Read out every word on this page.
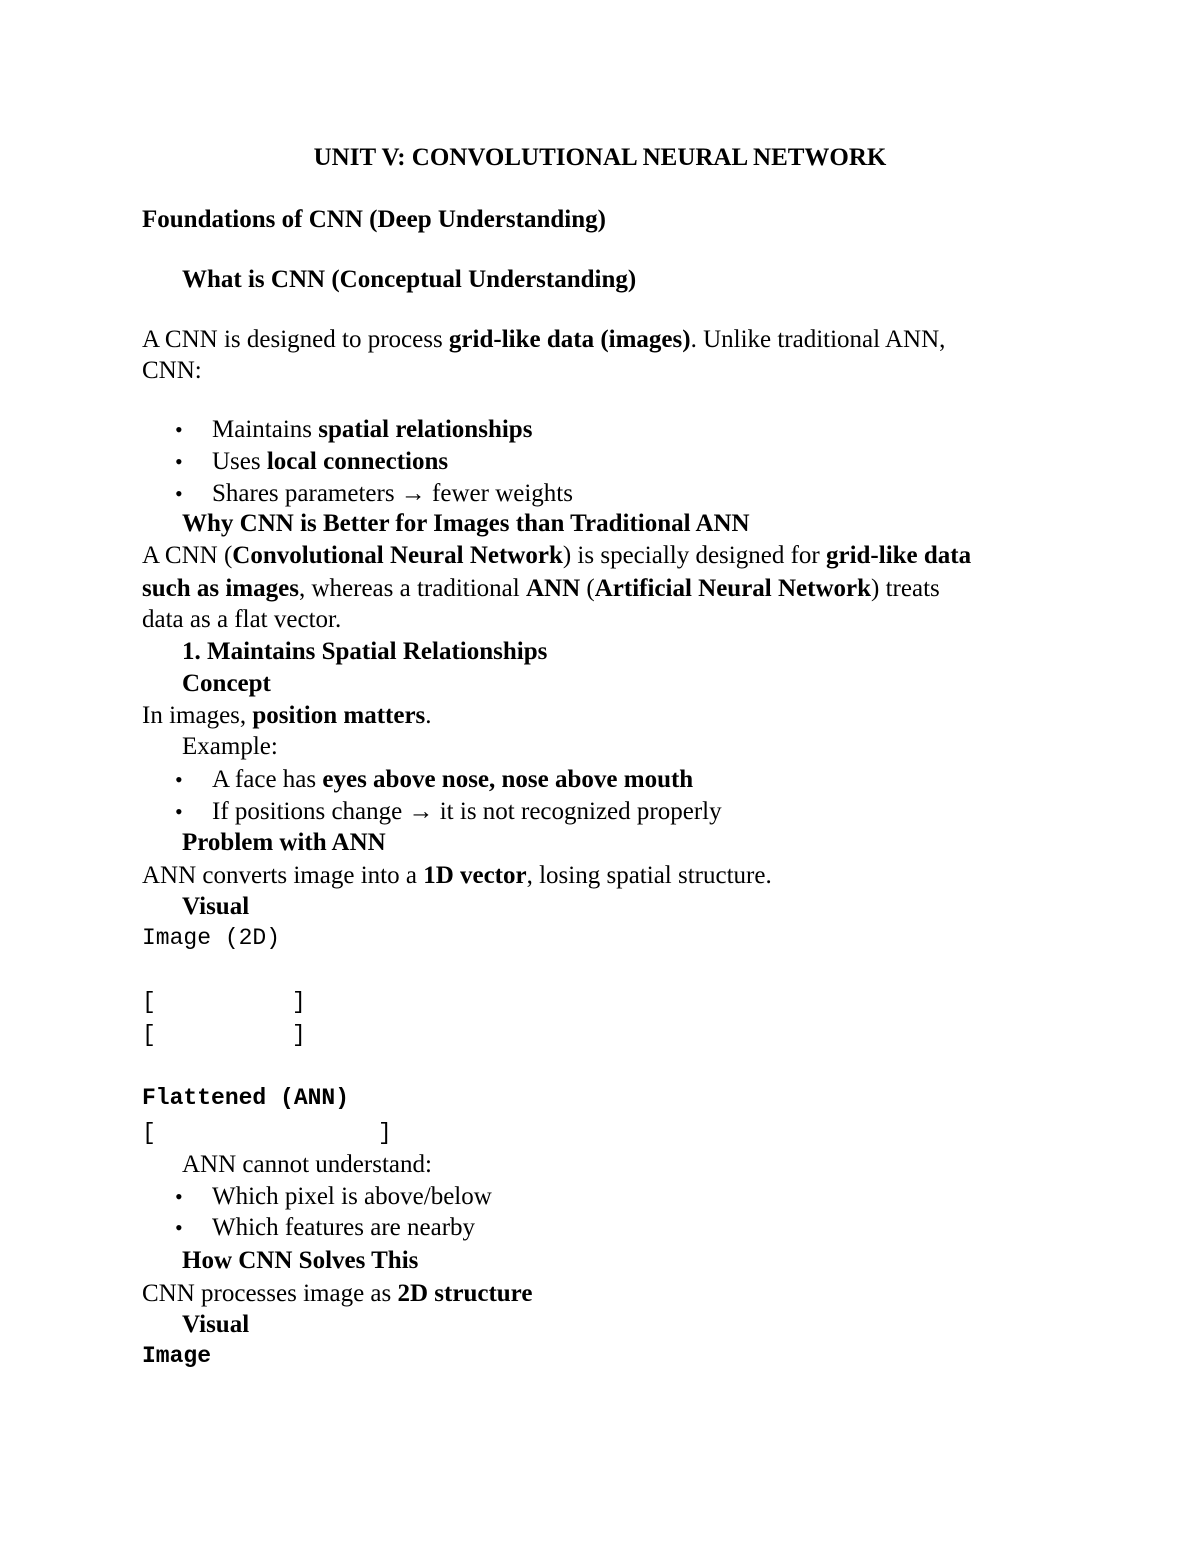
UNIT V: CONVOLUTIONAL NEURAL NETWORK
Foundations of CNN (Deep Understanding)
What is CNN (Conceptual Understanding)
A CNN is designed to process grid-like data (images). Unlike traditional ANN,
CNN:
• Maintains spatial relationships
• Uses local connections
• Shares parameters → fewer weights
Why CNN is Better for Images than Traditional ANN
A CNN (Convolutional Neural Network) is specially designed for grid-like data
such as images, whereas a traditional ANN (Artificial Neural Network) treats
data as a flat vector.
1. Maintains Spatial Relationships
Concept
In images, position matters.
Example:
• A face has eyes above nose, nose above mouth
• If positions change → it is not recognized properly
Problem with ANN
ANN converts image into a 1D vector, losing spatial structure.
Visual
Image (2D)
[	]
[	]
Flattened (ANN)
[	]
ANN cannot understand:
• Which pixel is above/below
• Which features are nearby
How CNN Solves This
CNN processes image as 2D structure
Visual
Image
